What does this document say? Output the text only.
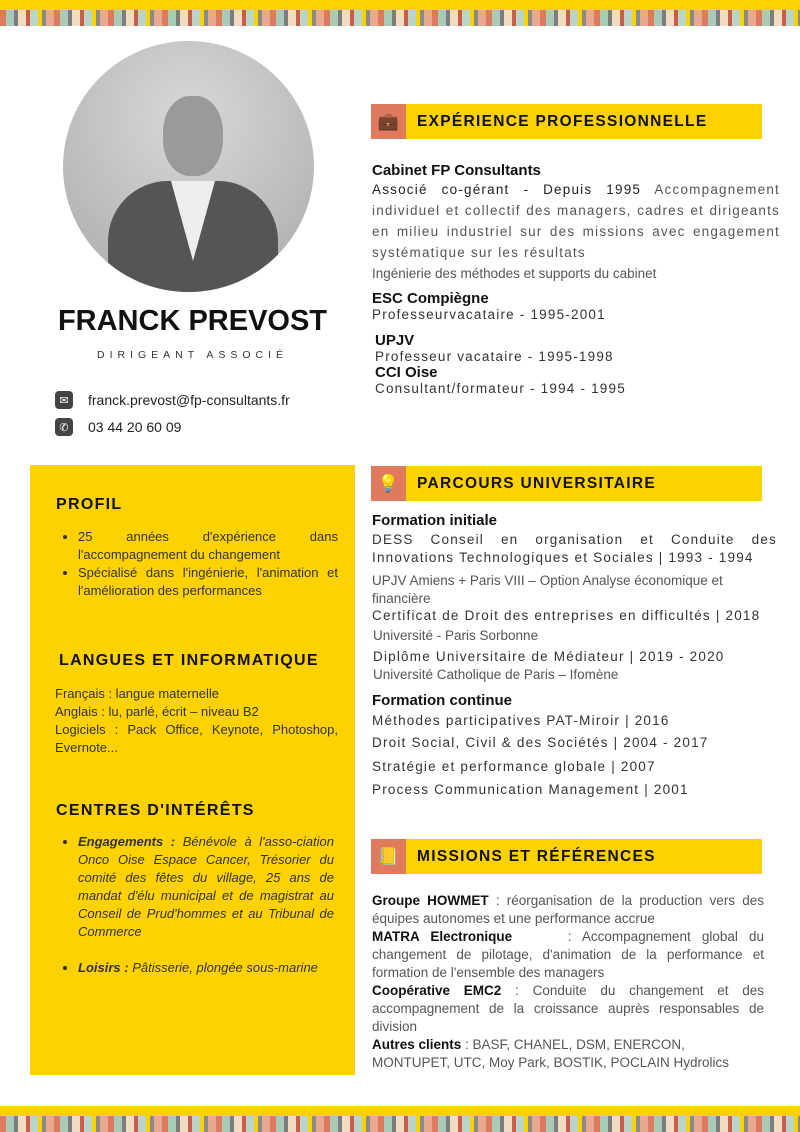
FRANCK PREVOST
DIRIGEANT ASSOCIÉ
✉	franck.prevost@fp-consultants.fr
✆	03 44 20 60 09
PROFIL
• 25 années d'expérience dans l'accompagnement du changement
• Spécialisé dans l'ingénierie, l'animation et l'amélioration des performances
LANGUES ET INFORMATIQUE
Français : langue maternelle
Anglais : lu, parlé, écrit – niveau B2
Logiciels : Pack Office, Keynote, Photoshop, Evernote...
CENTRES D'INTÉRÊTS
• Engagements : Bénévole à l'asso-ciation Onco Oise Espace Cancer, Trésorier du comité des fêtes du village, 25 ans de mandat d'élu municipal et de magistrat au Conseil de Prud'hommes et au Tribunal de Commerce
• Loisirs : Pâtisserie, plongée sous-marine
💼	EXPÉRIENCE PROFESSIONNELLE
Cabinet FP Consultants
Associé co-gérant - Depuis 1995 Accompagnement individuel et collectif des managers, cadres et dirigeants en milieu industriel sur des missions avec engagement systématique sur les résultats
Ingénierie des méthodes et supports du cabinet
ESC Compiègne
Professeurvacataire - 1995-2001
UPJV
Professeur vacataire - 1995-1998
CCI Oise
Consultant/formateur - 1994 - 1995
💡	PARCOURS UNIVERSITAIRE
Formation initiale
DESS Conseil en organisation et Conduite des Innovations Technologiques et Sociales | 1993 - 1994
UPJV Amiens + Paris VIII – Option Analyse économique et financière
Certificat de Droit des entreprises en difficultés | 2018
Université - Paris Sorbonne
Diplôme Universitaire de Médiateur | 2019 - 2020
Université Catholique de Paris – Ifomène
Formation continue
Méthodes participatives PAT-Miroir | 2016
Droit Social, Civil & des Sociétés | 2004 - 2017
Stratégie et performance globale | 2007
Process Communication Management | 2001
📒	MISSIONS ET RÉFÉRENCES
Groupe HOWMET : réorganisation de la production vers des équipes autonomes et une performance accrue
MATRA Electronique     : Accompagnement global du changement de pilotage, d'animation de la performance et formation de l'ensemble des managers
Coopérative EMC2 : Conduite du changement et des accompagnement de la croissance auprès responsables de division
Autres clients : BASF, CHANEL, DSM, ENERCON, MONTUPET, UTC, Moy Park, BOSTIK, POCLAIN Hydrolics
